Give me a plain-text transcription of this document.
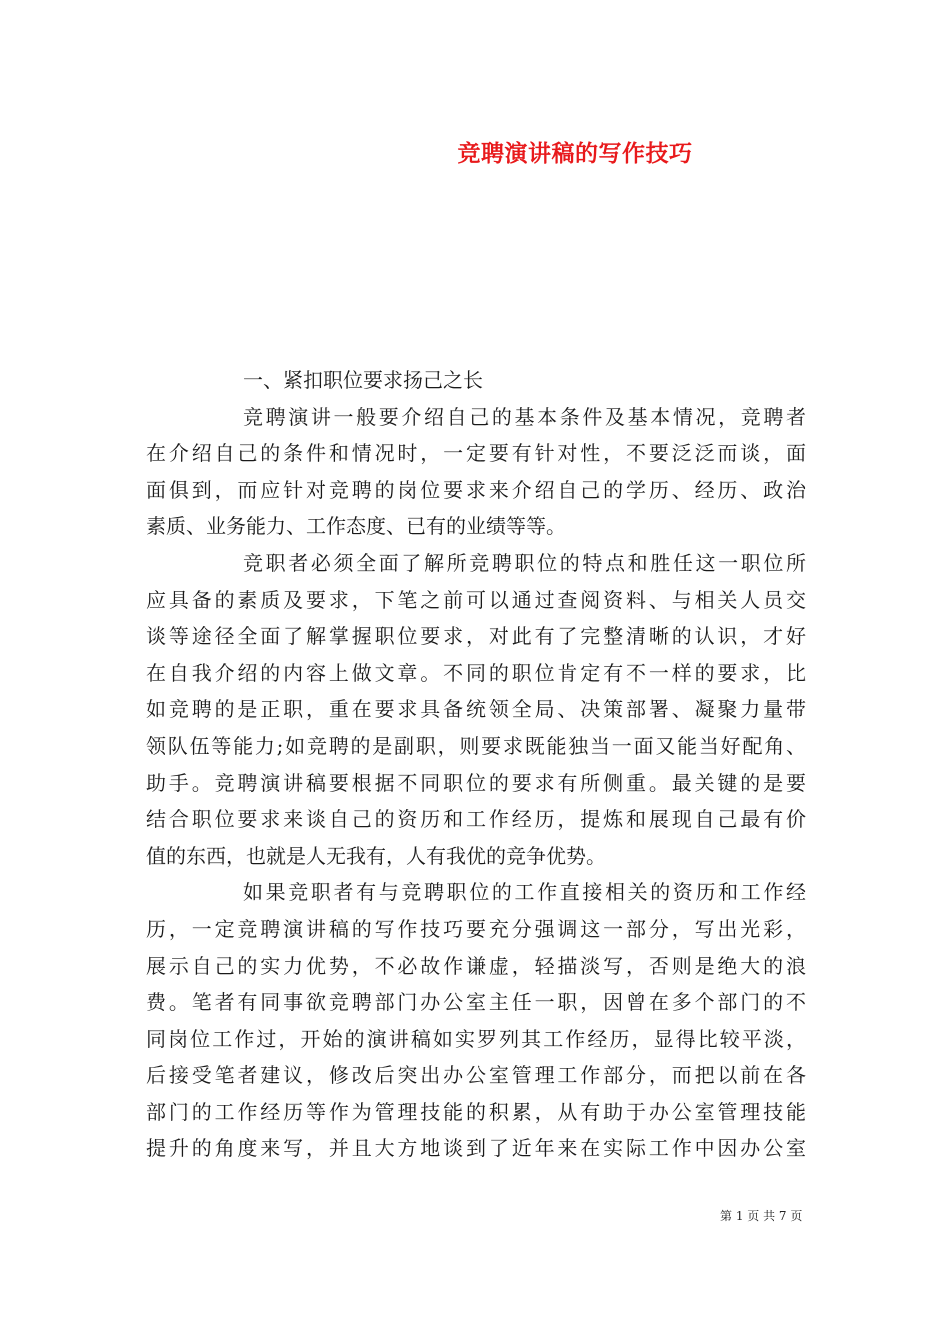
竞聘演讲稿的写作技巧
一、紧扣职位要求扬己之长
竞聘演讲一般要介绍自己的基本条件及基本情况，竞聘者
在介绍自己的条件和情况时，一定要有针对性，不要泛泛而谈，面
面俱到，而应针对竞聘的岗位要求来介绍自己的学历、经历、政治
素质、业务能力、工作态度、已有的业绩等等。
竞职者必须全面了解所竞聘职位的特点和胜任这一职位所
应具备的素质及要求，下笔之前可以通过查阅资料、与相关人员交
谈等途径全面了解掌握职位要求，对此有了完整清晰的认识，才好
在自我介绍的内容上做文章。不同的职位肯定有不一样的要求，比
如竞聘的是正职，重在要求具备统领全局、决策部署、凝聚力量带
领队伍等能力;如竞聘的是副职，则要求既能独当一面又能当好配角、
助手。竞聘演讲稿要根据不同职位的要求有所侧重。最关键的是要
结合职位要求来谈自己的资历和工作经历，提炼和展现自己最有价
值的东西，也就是人无我有，人有我优的竞争优势。
如果竞职者有与竞聘职位的工作直接相关的资历和工作经
历，一定竞聘演讲稿的写作技巧要充分强调这一部分，写出光彩，
展示自己的实力优势，不必故作谦虚，轻描淡写，否则是绝大的浪
费。笔者有同事欲竞聘部门办公室主任一职，因曾在多个部门的不
同岗位工作过，开始的演讲稿如实罗列其工作经历，显得比较平淡，
后接受笔者建议，修改后突出办公室管理工作部分，而把以前在各
部门的工作经历等作为管理技能的积累，从有助于办公室管理技能
提升的角度来写，并且大方地谈到了近年来在实际工作中因办公室
第 1 页 共 7 页
